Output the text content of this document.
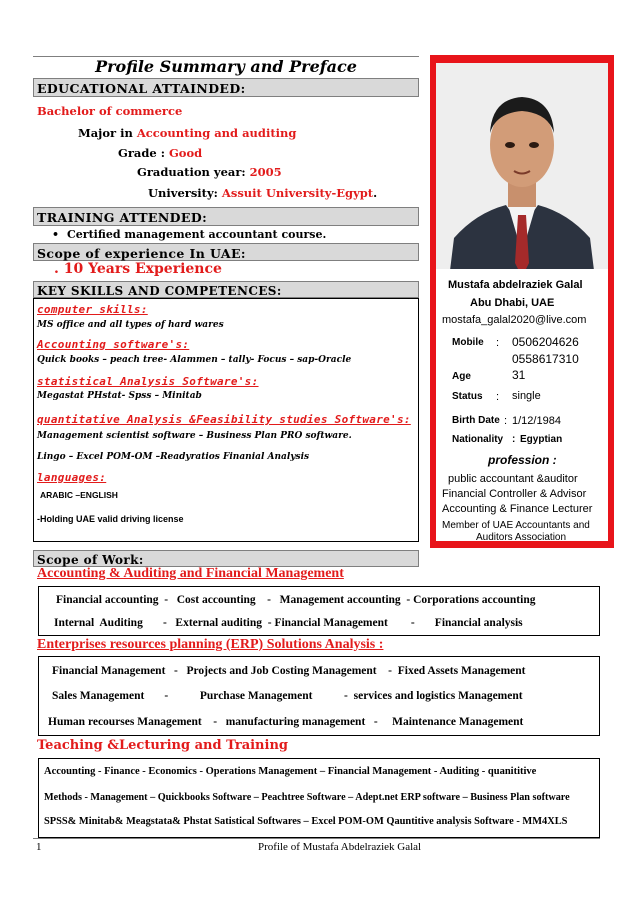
Profile Summary and Preface
EDUCATIONAL ATTAINDED:
Bachelor of commerce
Major in Accounting and auditing
Grade : Good
Graduation year: 2005
University: Assuit University-Egypt.
TRAINING ATTENDED:
• Certified management accountant course.
Scope of experience In UAE:
. 10 Years Experience
KEY SKILLS AND COMPETENCES:
computer skills:
MS office and all types of hard wares
Accounting software's:
Quick books – peach tree- Alammen – tally- Focus – sap-Oracle
statistical Analysis Software's:
Megastat PHstat- Spss – Minitab
quantitative Analysis &Feasibility studies Software's:
Management scientist software – Business Plan PRO software.
Lingo – Excel POM-OM –Readyratios Finanial Analysis
languages:
ARABIC –ENGLISH
-Holding UAE valid driving license
Mustafa abdelraziek Galal
Abu Dhabi, UAE
mostafa_galal2020@live.com
Mobile : 0506204626
0558617310
Age	31
Status : single
Birth Date : 1/12/1984
Nationality : Egyptian
profession :
public accountant &auditor
Financial Controller & Advisor
Accounting & Finance Lecturer
Member of UAE Accountants and
Auditors Association
Scope of Work:
Accounting & Auditing and Financial Management
Financial accounting  -   Cost accounting    -   Management accounting  - Corporations accounting
Internal  Auditing       -   External auditing  - Financial Management        -       Financial analysis
Enterprises resources planning (ERP) Solutions Analysis :
Financial Management   -   Projects and Job Costing Management    -  Fixed Assets Management
Sales Management       -           Purchase Management           -  services and logistics Management
Human recourses Management    -   manufacturing management   -     Maintenance Management
Teaching &Lecturing and Training
Accounting - Finance - Economics - Operations Management – Financial Management - Auditing - quanititive
Methods - Management – Quickbooks Software – Peachtree Software – Adept.net ERP software – Business Plan software
SPSS& Minitab& Meagstata& Phstat Satistical Softwares – Excel POM-OM Qauntitive analysis Software - MM4XLS
1	Profile of Mustafa Abdelraziek Galal
